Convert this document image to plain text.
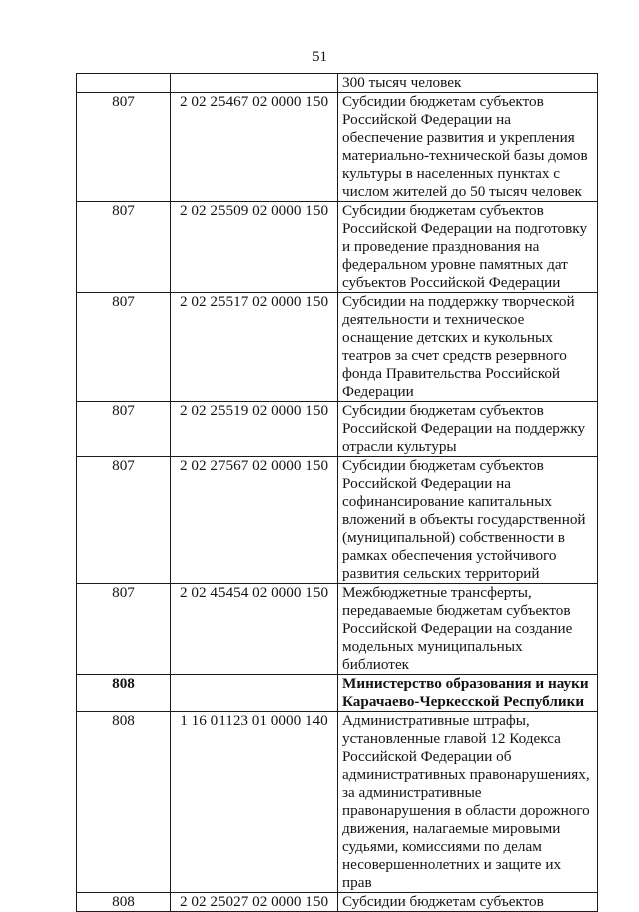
51
		300 тысяч человек
807	2 02 25467 02 0000 150	Субсидии бюджетам субъектов Российской Федерации на обеспечение развития и укрепления материально-технической базы домов культуры в населенных пунктах с числом жителей до 50 тысяч человек
807	2 02 25509 02 0000 150	Субсидии бюджетам субъектов Российской Федерации на подготовку и проведение празднования на федеральном уровне памятных дат субъектов Российской Федерации
807	2 02 25517 02 0000 150	Субсидии на поддержку творческой деятельности и техническое оснащение детских и кукольных театров за счет средств резервного фонда Правительства Российской Федерации
807	2 02 25519 02 0000 150	Субсидии бюджетам субъектов Российской Федерации на поддержку отрасли культуры
807	2 02 27567 02 0000 150	Субсидии бюджетам субъектов Российской Федерации на софинансирование капитальных вложений в объекты государственной (муниципальной) собственности в рамках обеспечения устойчивого развития сельских территорий
807	2 02 45454 02 0000 150	Межбюджетные трансферты, передаваемые бюджетам субъектов Российской Федерации на создание модельных муниципальных библиотек
808		Министерство образования и науки Карачаево-Черкесской Республики
808	1 16 01123 01 0000 140	Административные штрафы, установленные главой 12 Кодекса Российской Федерации об административных правонарушениях, за административные правонарушения в области дорожного движения, налагаемые мировыми судьями, комиссиями по делам несовершеннолетних и защите их прав
808	2 02 25027 02 0000 150	Субсидии бюджетам субъектов
